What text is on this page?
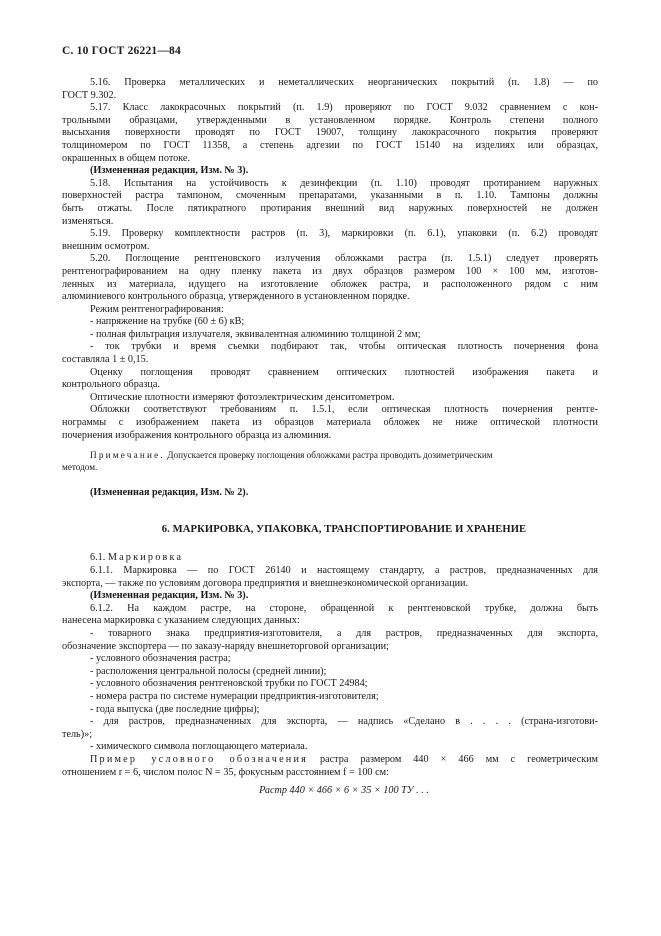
С. 10 ГОСТ 26221—84
5.16. Проверка металлических и неметаллических неорганических покрытий (п. 1.8) — по
ГОСТ 9.302.
5.17. Класс лакокрасочных покрытий (п. 1.9) проверяют по ГОСТ 9.032 сравнением с кон-
трольными образцами, утвержденными в установленном порядке. Контроль степени полного
высыхания поверхности проводят по ГОСТ 19007, толщину лакокрасочного покрытия проверяют
толщиномером по ГОСТ 11358, а степень адгезии по ГОСТ 15140 на изделиях или образцах,
окрашенных в общем потоке.
(Измененная редакция, Изм. № 3).
5.18. Испытания на устойчивость к дезинфекции (п. 1.10) проводят протиранием наружных
поверхностей растра тампоном, смоченным препаратами, указанными в п. 1.10. Тампоны должны
быть отжаты. После пятикратного протирания внешний вид наружных поверхностей не должен
изменяться.
5.19. Проверку комплектности растров (п. 3), маркировки (п. 6.1), упаковки (п. 6.2) проводят
внешним осмотром.
5.20. Поглощение рентгеновского излучения обложками растра (п. 1.5.1) следует проверять
рентгенографированием на одну пленку пакета из двух образцов размером 100 × 100 мм, изготов-
ленных из материала, идущего на изготовление обложек растра, и расположенного рядом с ним
алюминиевого контрольного образца, утвержденного в установленном порядке.
Режим рентгенографирования:
- напряжение на трубке (60 ± 6) кВ;
- полная фильтрация излучателя, эквивалентная алюминию толщиной 2 мм;
- ток трубки и время съемки подбирают так, чтобы оптическая плотность почернения фона
составляла 1 ± 0,15.
Оценку поглощения проводят сравнением оптических плотностей изображения пакета и
контрольного образца.
Оптические плотности измеряют фотоэлектрическим денситометром.
Обложки соответствуют требованиям п. 1.5.1, если оптическая плотность почернения рентге-
нограммы с изображением пакета из образцов материала обложек не ниже оптической плотности
почернения изображения контрольного образца из алюминия.
Примечание. Допускается проверку поглощения обложками растра проводить дозиметрическим
методом.
(Измененная редакция, Изм. № 2).
6. МАРКИРОВКА, УПАКОВКА, ТРАНСПОРТИРОВАНИЕ И ХРАНЕНИЕ
6.1. Маркировка
6.1.1. Маркировка — по ГОСТ 26140 и настоящему стандарту, а растров, предназначенных для
экспорта, — также по условиям договора предприятия и внешнеэкономической организации.
(Измененная редакция, Изм. № 3).
6.1.2. На каждом растре, на стороне, обращенной к рентгеновской трубке, должна быть
нанесена маркировка с указанием следующих данных:
- товарного знака предприятия-изготовителя, а для растров, предназначенных для экспорта,
обозначение экспортера — по заказу-наряду внешнеторговой организации;
- условного обозначения растра;
- расположения центральной полосы (средней линии);
- условного обозначения рентгеновской трубки по ГОСТ 24984;
- номера растра по системе нумерации предприятия-изготовителя;
- года выпуска (две последние цифры);
- для растров, предназначенных для экспорта, — надпись «Сделано в . . . . (страна-изготови-
тель)»;
- химического символа поглощающего материала.
Пример условного обозначения растра размером 440 × 466 мм с геометрическим
отношением r = 6, числом полос N = 35, фокусным расстоянием f = 100 см:
Растр 440 × 466 × 6 × 35 × 100 ТУ . . .
